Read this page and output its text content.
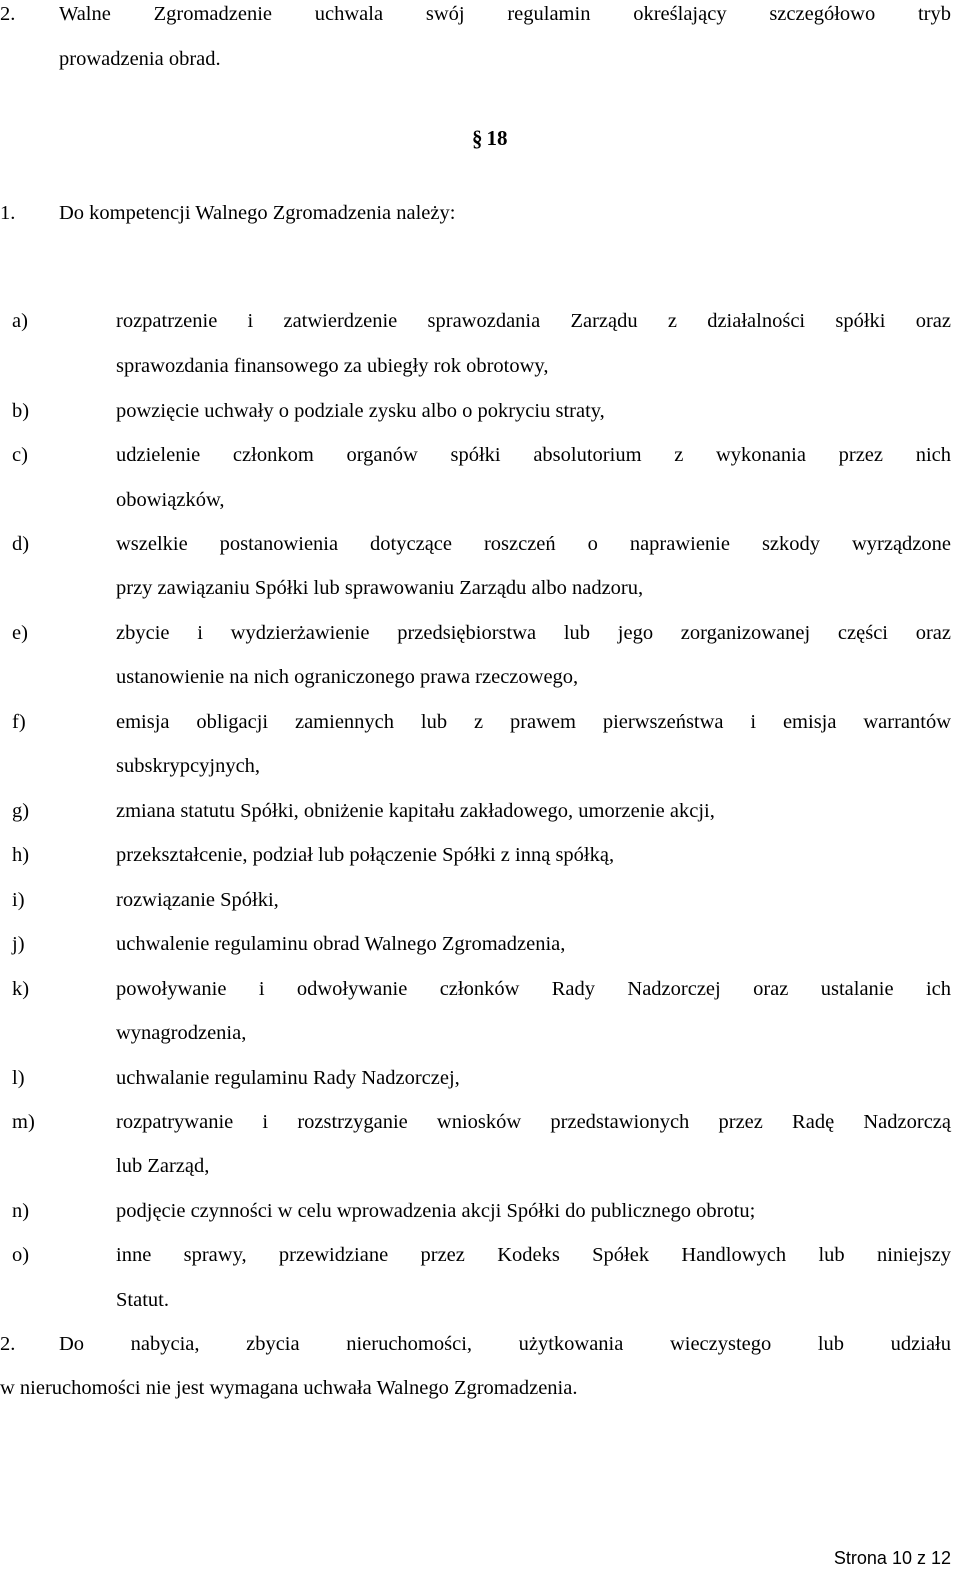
2. Walne Zgromadzenie uchwala swój regulamin określający szczegółowo tryb
prowadzenia obrad.
§ 18
1. Do kompetencji Walnego Zgromadzenia należy:
a)	rozpatrzenie i zatwierdzenie sprawozdania Zarządu z działalności spółki oraz
sprawozdania finansowego za ubiegły rok obrotowy,
b)	powzięcie uchwały o podziale zysku albo o pokryciu straty,
c)	udzielenie członkom organów spółki absolutorium z wykonania przez nich
obowiązków,
d)	wszelkie postanowienia dotyczące roszczeń o naprawienie szkody wyrządzone
przy zawiązaniu Spółki lub sprawowaniu Zarządu albo nadzoru,
e)	zbycie i wydzierżawienie przedsiębiorstwa lub jego zorganizowanej części oraz
ustanowienie na nich ograniczonego prawa rzeczowego,
f)	emisja obligacji zamiennych lub z prawem pierwszeństwa i emisja warrantów
subskrypcyjnych,
g)	zmiana statutu Spółki, obniżenie kapitału zakładowego, umorzenie akcji,
h)	przekształcenie, podział lub połączenie Spółki z inną spółką,
i)	rozwiązanie Spółki,
j)	uchwalenie regulaminu obrad Walnego Zgromadzenia,
k)	powoływanie i odwoływanie członków Rady Nadzorczej oraz ustalanie ich
wynagrodzenia,
l)	uchwalanie regulaminu Rady Nadzorczej,
m)	rozpatrywanie i rozstrzyganie wniosków przedstawionych przez Radę Nadzorczą
lub Zarząd,
n)	podjęcie czynności w celu wprowadzenia akcji Spółki do publicznego obrotu;
o)	inne sprawy, przewidziane przez Kodeks Spółek Handlowych lub niniejszy
Statut.
2. Do nabycia, zbycia nieruchomości, użytkowania wieczystego lub udziału
w nieruchomości nie jest wymagana uchwała Walnego Zgromadzenia.
Strona 10 z 12
